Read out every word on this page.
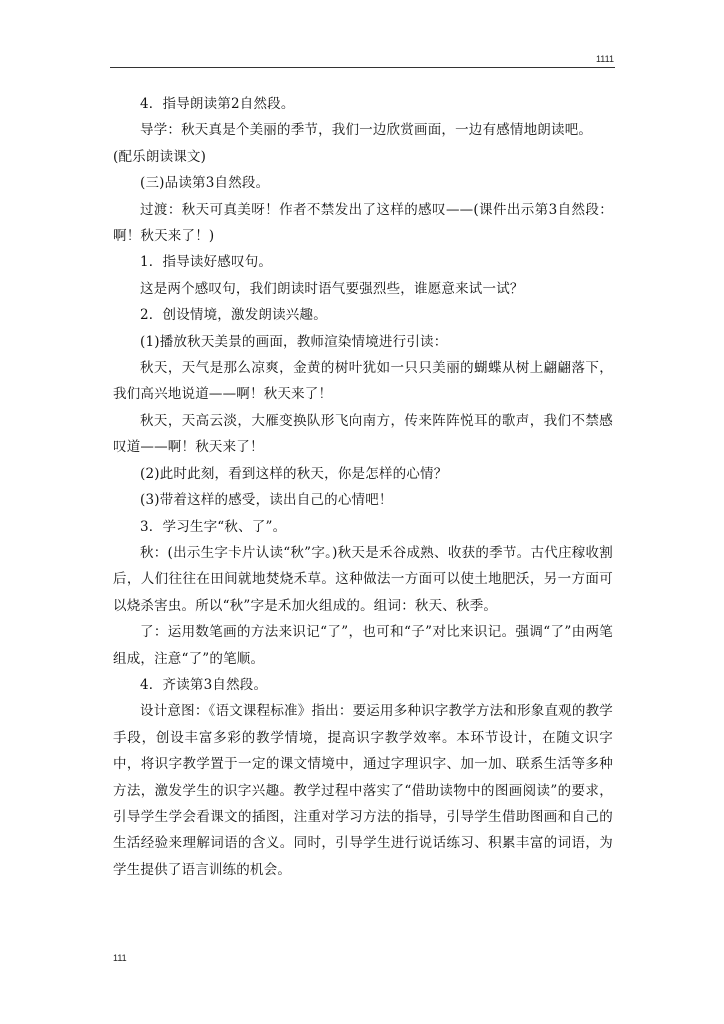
1111

4．指导朗读第2自然段。

导学：秋天真是个美丽的季节，我们一边欣赏画面，一边有感情地朗读吧。

(配乐朗读课文)

(三)品读第3自然段。

过渡：秋天可真美呀！作者不禁发出了这样的感叹——(课件出示第3自然段：啊！秋天来了！)

1．指导读好感叹句。

这是两个感叹句，我们朗读时语气要强烈些，谁愿意来试一试？

2．创设情境，激发朗读兴趣。

(1)播放秋天美景的画面，教师渲染情境进行引读：

秋天，天气是那么凉爽，金黄的树叶犹如一只只美丽的蝴蝶从树上翩翩落下，我们高兴地说道——啊！秋天来了！

秋天，天高云淡，大雁变换队形飞向南方，传来阵阵悦耳的歌声，我们不禁感叹道——啊！秋天来了！

(2)此时此刻，看到这样的秋天，你是怎样的心情？

(3)带着这样的感受，读出自己的心情吧！

3．学习生字“秋、了”。

秋：(出示生字卡片认读“秋”字。)秋天是禾谷成熟、收获的季节。古代庄稼收割后，人们往往在田间就地焚烧禾草。这种做法一方面可以使土地肥沃，另一方面可以烧杀害虫。所以“秋”字是禾加火组成的。组词：秋天、秋季。

了：运用数笔画的方法来识记“了”，也可和“子”对比来识记。强调“了”由两笔组成，注意“了”的笔顺。

4．齐读第3自然段。

设计意图：《语文课程标准》指出：要运用多种识字教学方法和形象直观的教学手段，创设丰富多彩的教学情境，提高识字教学效率。本环节设计，在随文识字中，将识字教学置于一定的课文情境中，通过字理识字、加一加、联系生活等多种方法，激发学生的识字兴趣。教学过程中落实了“借助读物中的图画阅读”的要求，引导学生学会看课文的插图，注重对学习方法的指导，引导学生借助图画和自己的生活经验来理解词语的含义。同时，引导学生进行说话练习、积累丰富的词语，为学生提供了语言训练的机会。

111
